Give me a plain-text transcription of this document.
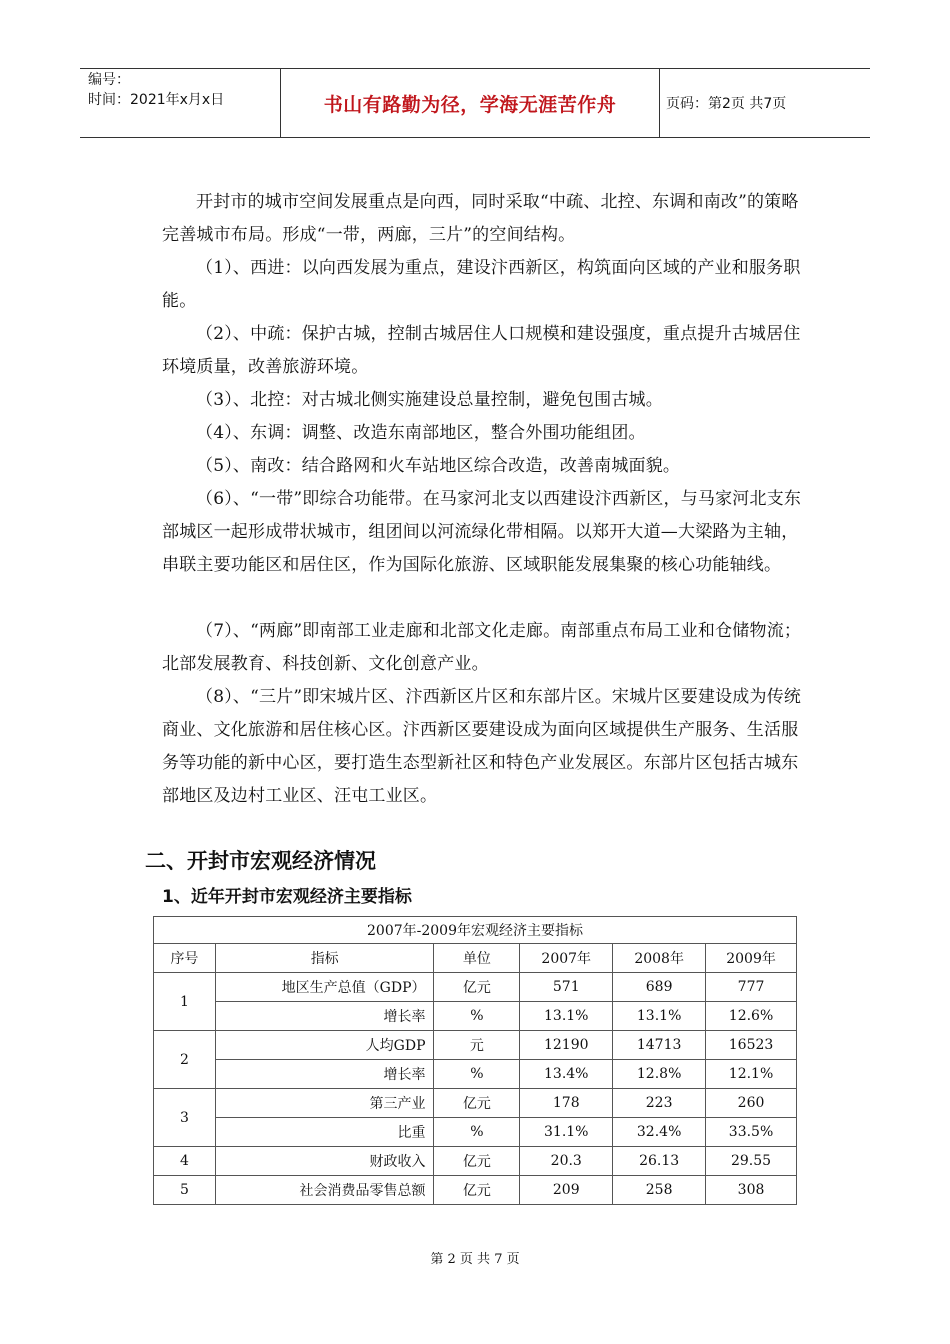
编号：
时间：2021年x月x日	书山有路勤为径，学海无涯苦作舟	页码：第2页 共7页

开封市的城市空间发展重点是向西，同时采取“中疏、北控、东调和南改”的策略完善城市布局。形成“一带，两廊，三片”的空间结构。

（1）、西进：以向西发展为重点，建设汴西新区，构筑面向区域的产业和服务职能。

（2）、中疏：保护古城，控制古城居住人口规模和建设强度，重点提升古城居住环境质量，改善旅游环境。

（3）、北控：对古城北侧实施建设总量控制，避免包围古城。

（4）、东调：调整、改造东南部地区，整合外围功能组团。

（5）、南改：结合路网和火车站地区综合改造，改善南城面貌。

（6）、“一带”即综合功能带。在马家河北支以西建设汴西新区，与马家河北支东部城区一起形成带状城市，组团间以河流绿化带相隔。以郑开大道—大梁路为主轴，串联主要功能区和居住区，作为国际化旅游、区域职能发展集聚的核心功能轴线。

（7）、“两廊”即南部工业走廊和北部文化走廊。南部重点布局工业和仓储物流；北部发展教育、科技创新、文化创意产业。

（8）、“三片”即宋城片区、汴西新区片区和东部片区。宋城片区要建设成为传统商业、文化旅游和居住核心区。汴西新区要建设成为面向区域提供生产服务、生活服务等功能的新中心区，要打造生态型新社区和特色产业发展区。东部片区包括古城东部地区及边村工业区、汪屯工业区。

二、开封市宏观经济情况
1、近年开封市宏观经济主要指标
2007年-2009年宏观经济主要指标					
序号	指标	单位	2007年	2008年	2009年
1	地区生产总值（GDP）	亿元	571	689	777
	增长率	%	13.1%	13.1%	12.6%
2	人均GDP	元	12190	14713	16523
	增长率	%	13.4%	12.8%	12.1%
3	第三产业	亿元	178	223	260
	比重	%	31.1%	32.4%	33.5%
4	财政收入	亿元	20.3	26.13	29.55
5	社会消费品零售总额	亿元	209	258	308
第 2 页 共 7 页
